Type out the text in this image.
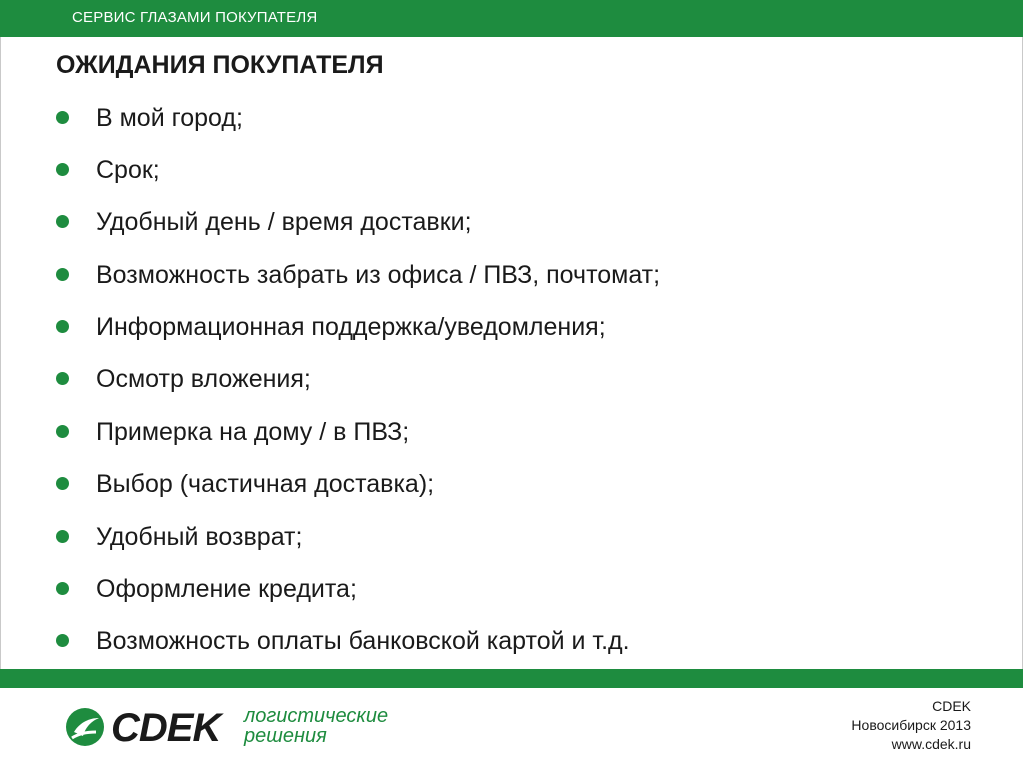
СЕРВИС ГЛАЗАМИ ПОКУПАТЕЛЯ
ОЖИДАНИЯ ПОКУПАТЕЛЯ
В мой город;
Срок;
Удобный день / время доставки;
Возможность забрать из офиса / ПВЗ, почтомат;
Информационная поддержка/уведомления;
Осмотр вложения;
Примерка на дому / в ПВЗ;
Выбор (частичная доставка);
Удобный возврат;
Оформление кредита;
Возможность оплаты банковской картой и т.д.
CDEK логистические
решения
CDEK
Новосибирск 2013
www.cdek.ru
